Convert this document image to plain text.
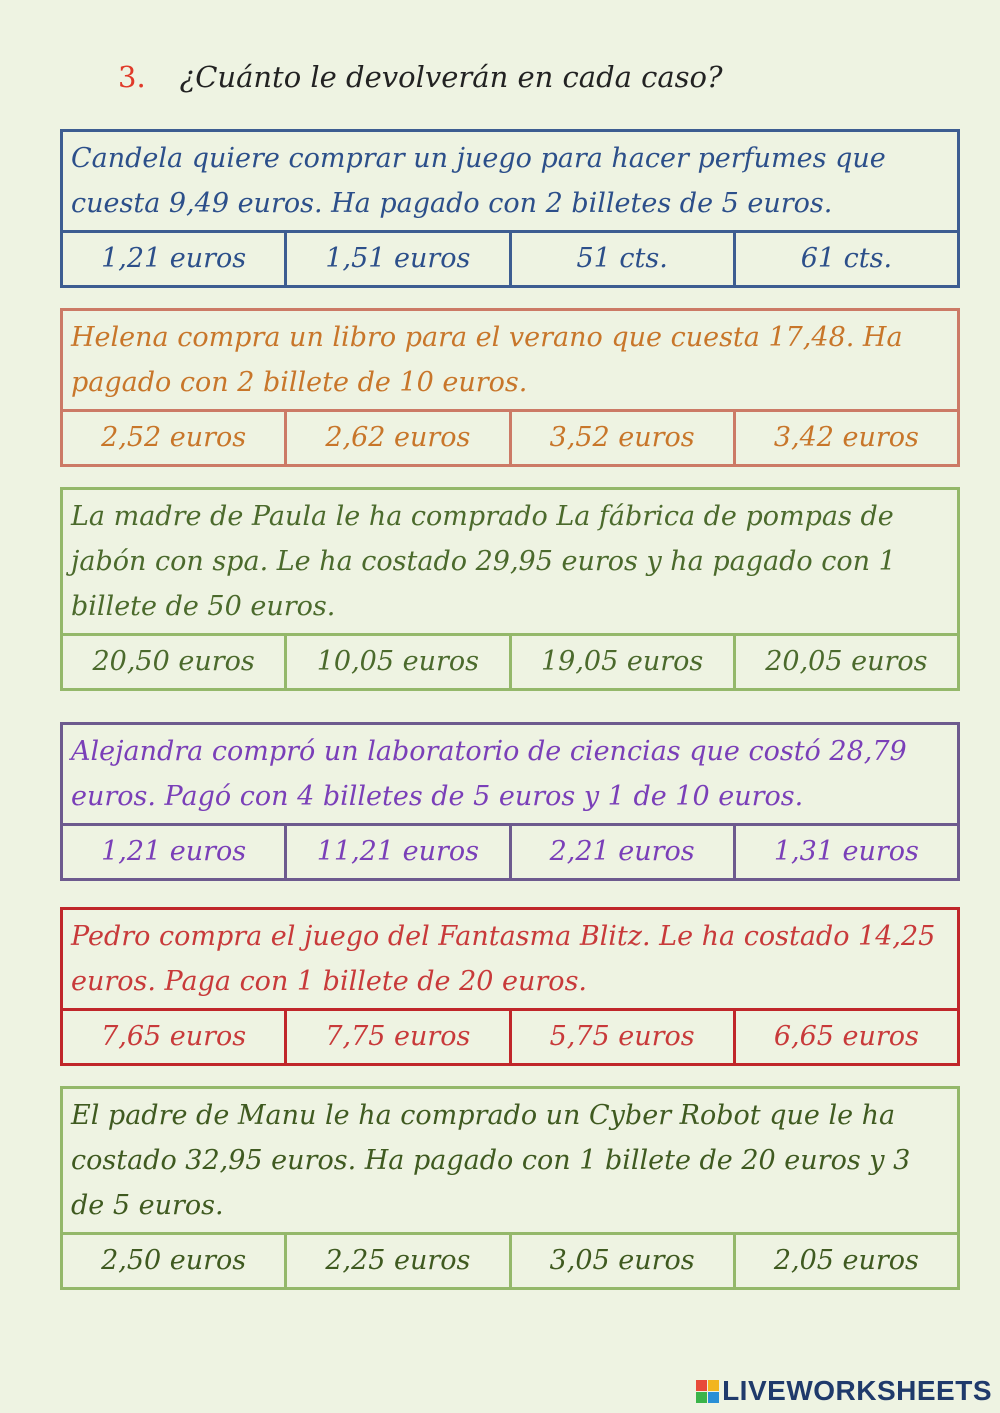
3. ¿Cuánto le devolverán en cada caso?
Candela quiere comprar un juego para hacer perfumes que cuesta 9,49 euros. Ha pagado con 2 billetes de 5 euros.
1,21 euros	1,51 euros	51 cts.	61 cts.
Helena compra un libro para el verano que cuesta 17,48. Ha pagado con 2 billete de 10 euros.
2,52 euros	2,62 euros	3,52 euros	3,42 euros
La madre de Paula le ha comprado La fábrica de pompas de jabón con spa. Le ha costado 29,95 euros y ha pagado con 1 billete de 50 euros.
20,50 euros	10,05 euros	19,05 euros	20,05 euros
Alejandra compró un laboratorio de ciencias que costó 28,79 euros. Pagó con 4 billetes de 5 euros y 1 de 10 euros.
1,21 euros	11,21 euros	2,21 euros	1,31 euros
Pedro compra el juego del Fantasma Blitz. Le ha costado 14,25 euros. Paga con 1 billete de 20 euros.
7,65 euros	7,75 euros	5,75 euros	6,65 euros
El padre de Manu le ha comprado un Cyber Robot que le ha costado 32,95 euros. Ha pagado con 1 billete de 20 euros y 3 de 5 euros.
2,50 euros	2,25 euros	3,05 euros	2,05 euros
LIVEWORKSHEETS
